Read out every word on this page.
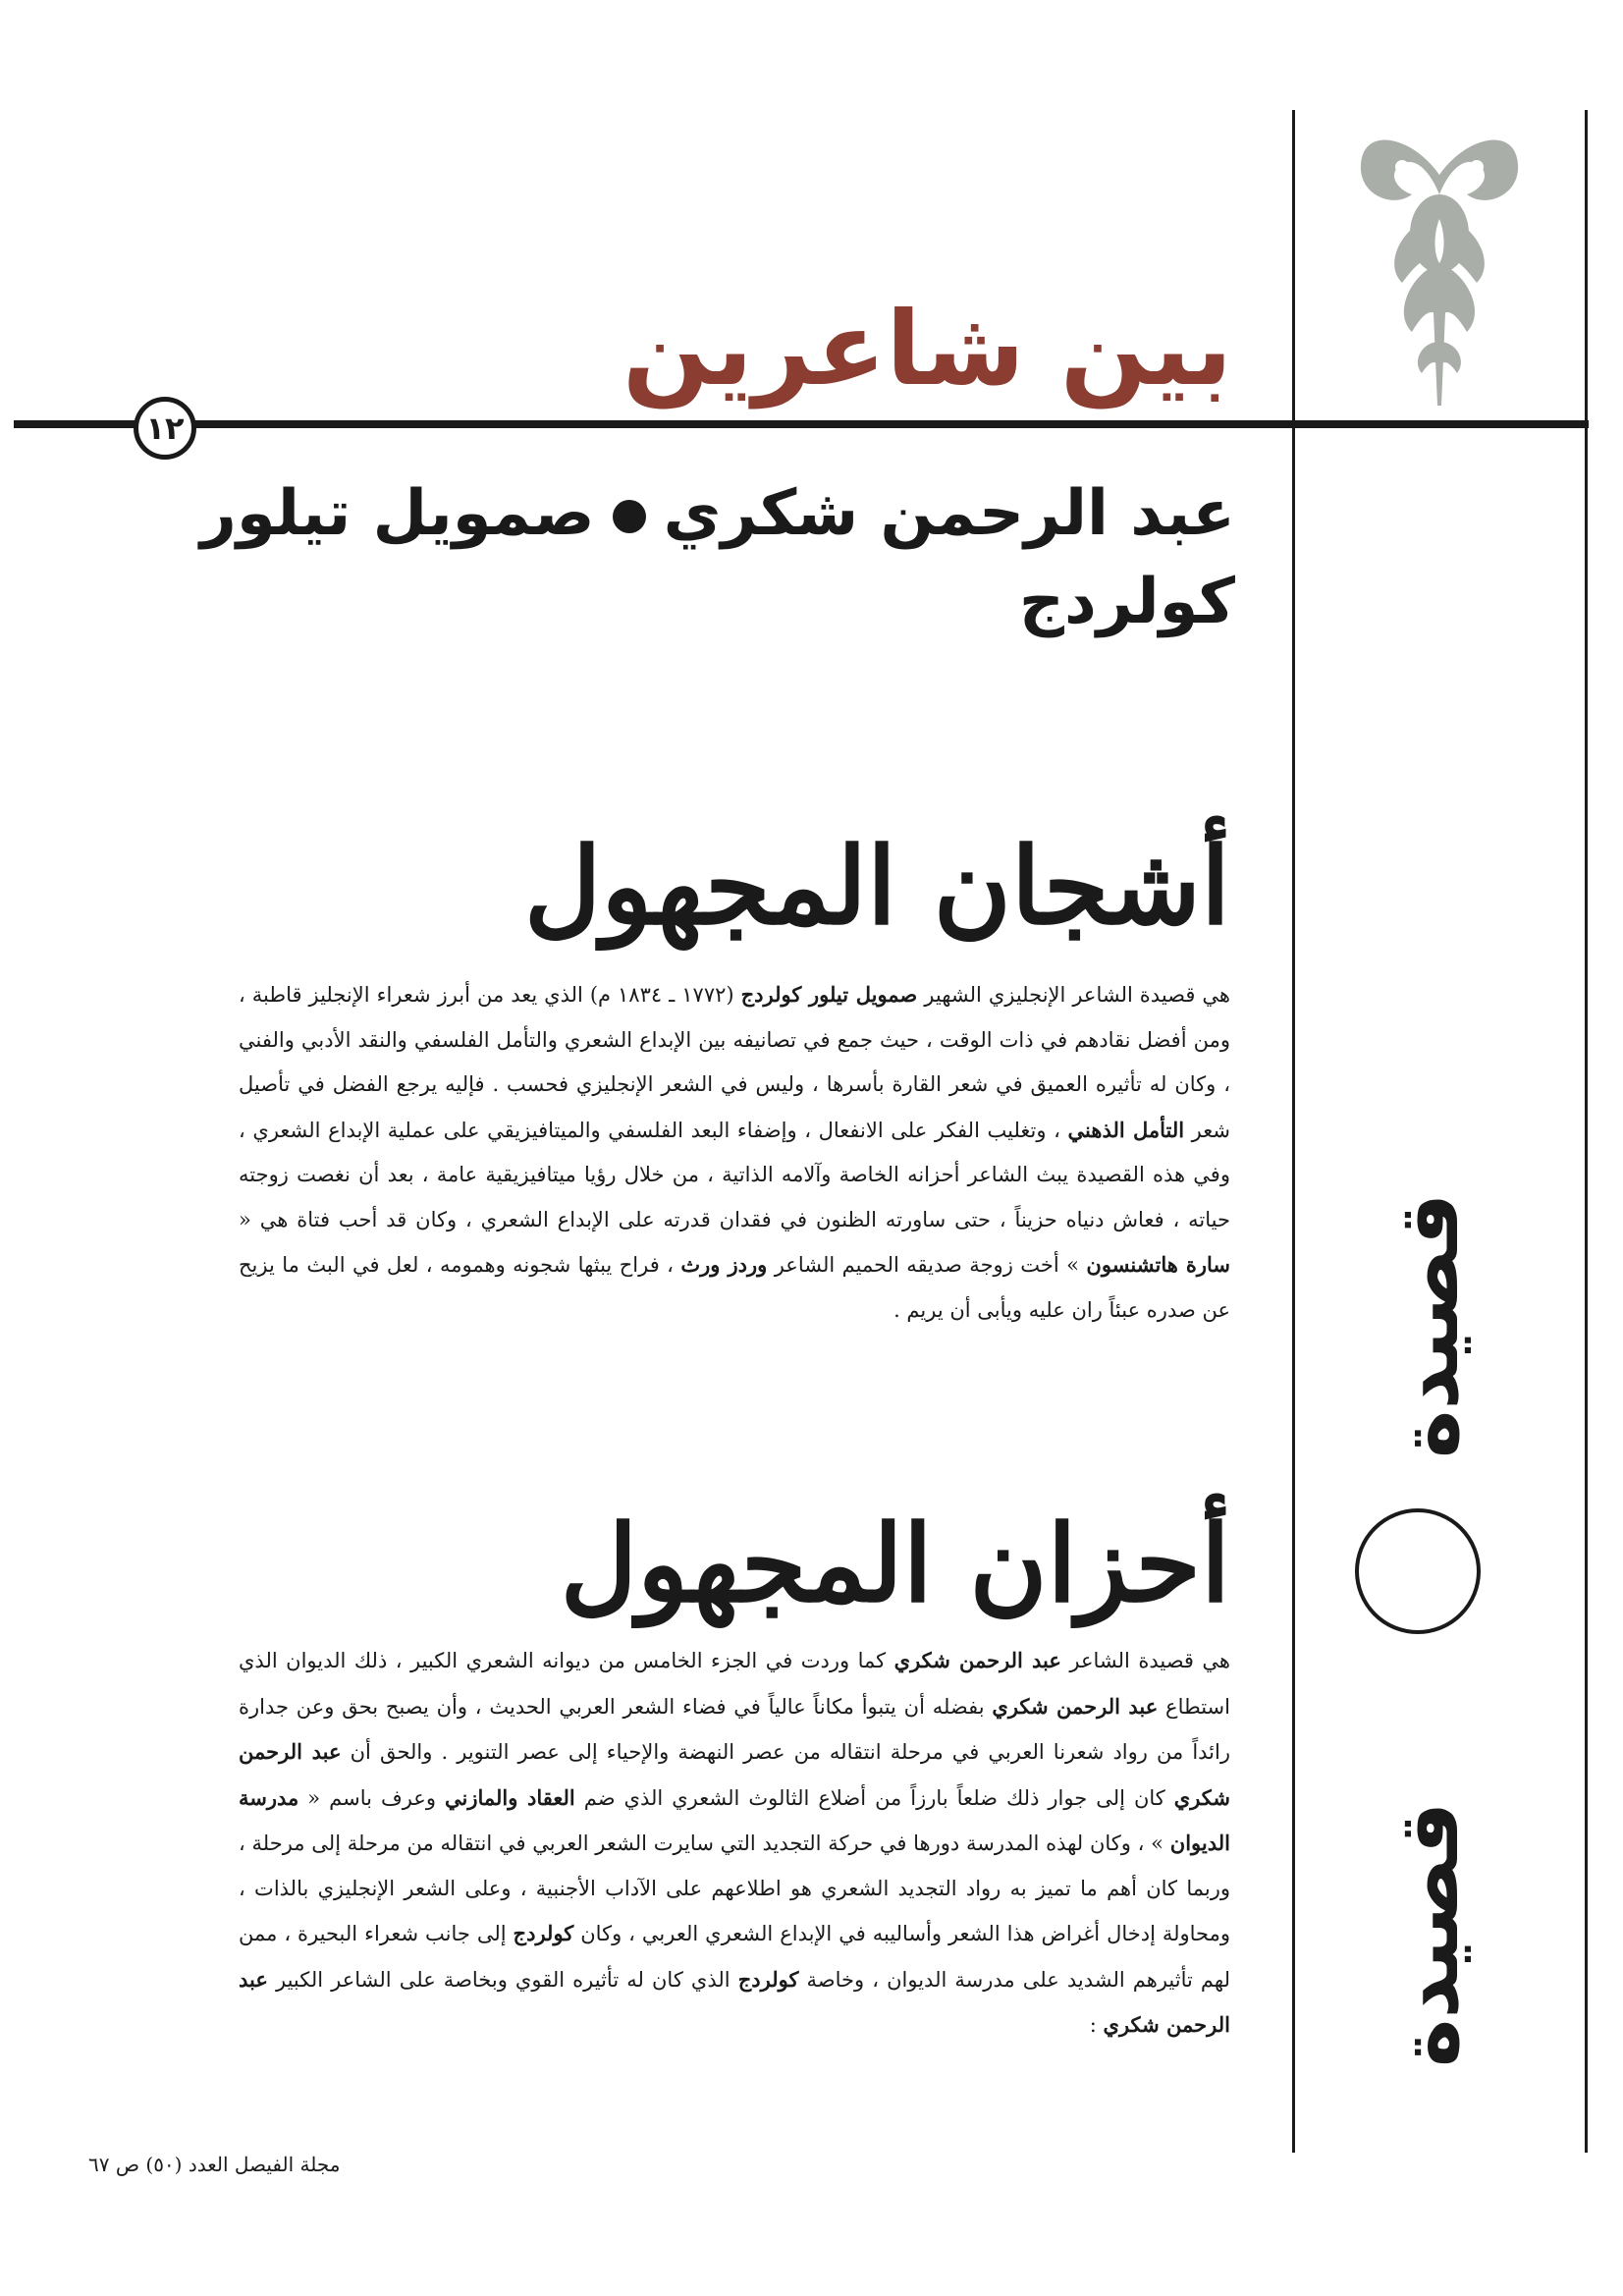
بين شاعرين
١٢
عبد الرحمن شكريصمويل تيلور كولردج
أشجان المجهول
هي قصيدة الشاعر الإنجليزي الشهير صمويل تيلور كولردج (١٧٧٢ ـ ١٨٣٤ م) الذي يعد من أبرز شعراء الإنجليز قاطبة ، ومن أفضل نقادهم في ذات الوقت ، حيث جمع في تصانيفه بين الإبداع الشعري والتأمل الفلسفي والنقد الأدبي والفني ، وكان له تأثيره العميق في شعر القارة بأسرها ، وليس في الشعر الإنجليزي فحسب . فإليه يرجع الفضل في تأصيل شعر التأمل الذهني ، وتغليب الفكر على الانفعال ، وإضفاء البعد الفلسفي والميتافيزيقي على عملية الإبداع الشعري ، وفي هذه القصيدة يبث الشاعر أحزانه الخاصة وآلامه الذاتية ، من خلال رؤيا ميتافيزيقية عامة ، بعد أن نغصت زوجته حياته ، فعاش دنياه حزيناً ، حتى ساورته الظنون في فقدان قدرته على الإبداع الشعري ، وكان قد أحب فتاة هي « سارة هاتشنسون » أخت زوجة صديقه الحميم الشاعر وردز ورث ، فراح يبثها شجونه وهمومه ، لعل في البث ما يزيح عن صدره عبئاً ران عليه ويأبى أن يريم .
أحزان المجهول
هي قصيدة الشاعر عبد الرحمن شكري كما وردت في الجزء الخامس من ديوانه الشعري الكبير ، ذلك الديوان الذي استطاع عبد الرحمن شكري بفضله أن يتبوأ مكاناً عالياً في فضاء الشعر العربي الحديث ، وأن يصبح بحق وعن جدارة رائداً من رواد شعرنا العربي في مرحلة انتقاله من عصر النهضة والإحياء إلى عصر التنوير . والحق أن عبد الرحمن شكري كان إلى جوار ذلك ضلعاً بارزاً من أضلاع الثالوث الشعري الذي ضم العقاد والمازني وعرف باسم « مدرسة الديوان » ، وكان لهذه المدرسة دورها في حركة التجديد التي سايرت الشعر العربي في انتقاله من مرحلة إلى مرحلة ، وربما كان أهم ما تميز به رواد التجديد الشعري هو اطلاعهم على الآداب الأجنبية ، وعلى الشعر الإنجليزي بالذات ، ومحاولة إدخال أغراض هذا الشعر وأساليبه في الإبداع الشعري العربي ، وكان كولردج إلى جانب شعراء البحيرة ، ممن لهم تأثيرهم الشديد على مدرسة الديوان ، وخاصة كولردج الذي كان له تأثيره القوي وبخاصة على الشاعر الكبير عبد الرحمن شكري :
قصيدة
قصيدة
مجلة الفيصل العدد (٥٠) ص ٦٧
